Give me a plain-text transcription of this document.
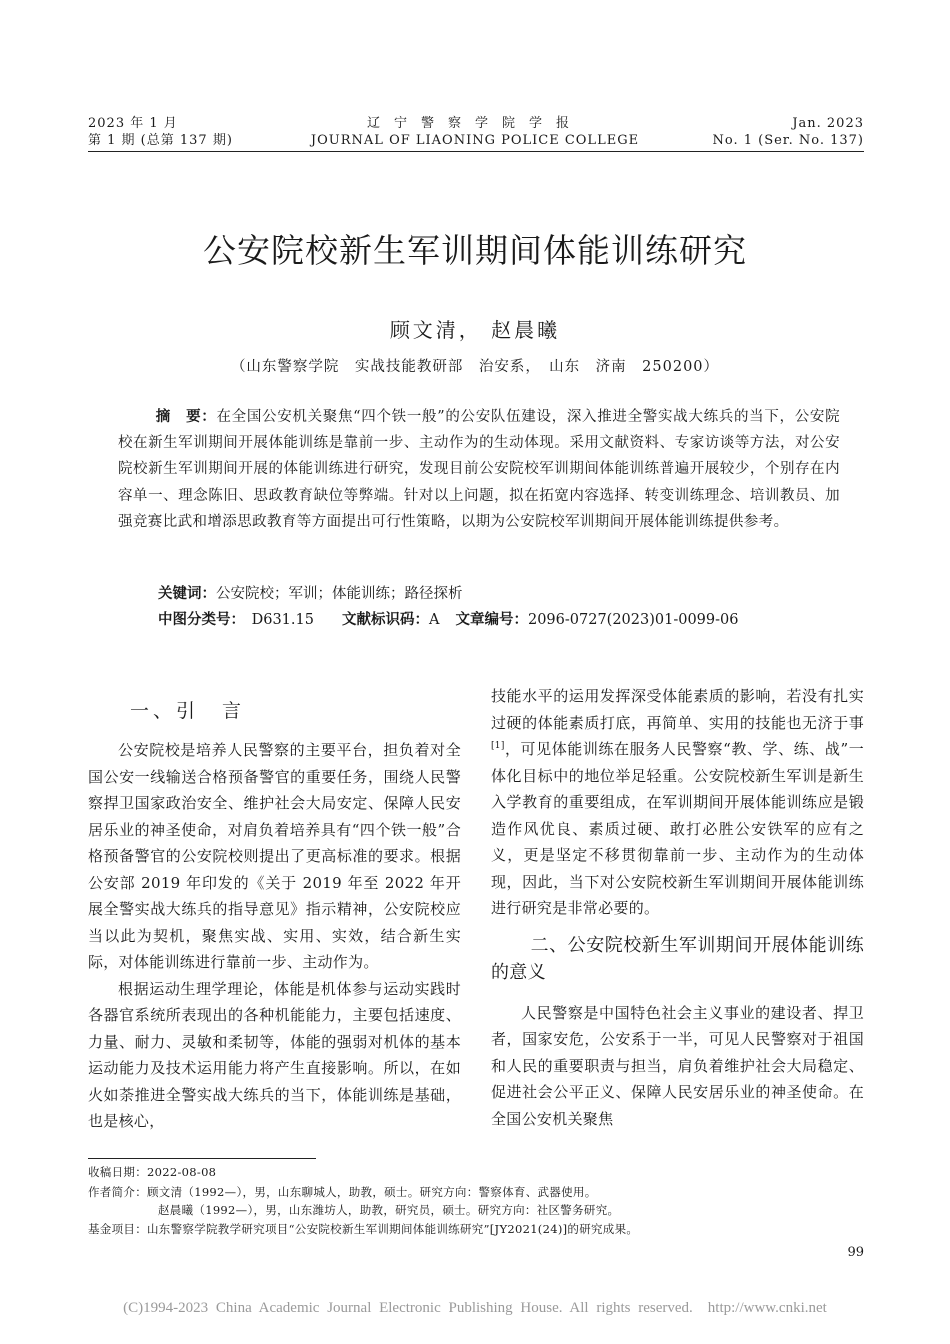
2023 年 1 月
第 1 期 (总第 137 期)
辽宁警察学院学报
JOURNAL OF LIAONING POLICE COLLEGE
Jan. 2023
No. 1 (Ser. No. 137)
公安院校新生军训期间体能训练研究
顾文清， 赵晨曦
（山东警察学院　实战技能教研部　治安系，　山东　济南　250200）
摘　要：在全国公安机关聚焦“四个铁一般”的公安队伍建设，深入推进全警实战大练兵的当下，公安院校在新生军训期间开展体能训练是靠前一步、主动作为的生动体现。采用文献资料、专家访谈等方法，对公安院校新生军训期间开展的体能训练进行研究，发现目前公安院校军训期间体能训练普遍开展较少，个别存在内容单一、理念陈旧、思政教育缺位等弊端。针对以上问题，拟在拓宽内容选择、转变训练理念、培训教员、加强竞赛比武和增添思政教育等方面提出可行性策略，以期为公安院校军训期间开展体能训练提供参考。
关键词：公安院校；军训；体能训练；路径探析
中图分类号： D631.15 文献标识码：A 文章编号：2096-0727(2023)01-0099-06
一、引　言

公安院校是培养人民警察的主要平台，担负着对全国公安一线输送合格预备警官的重要任务，围绕人民警察捍卫国家政治安全、维护社会大局安定、保障人民安居乐业的神圣使命，对肩负着培养具有“四个铁一般”合格预备警官的公安院校则提出了更高标准的要求。根据公安部 2019 年印发的《关于 2019 年至 2022 年开展全警实战大练兵的指导意见》指示精神，公安院校应当以此为契机，聚焦实战、实用、实效，结合新生实际，对体能训练进行靠前一步、主动作为。

根据运动生理学理论，体能是机体参与运动实践时各器官系统所表现出的各种机能能力，主要包括速度、力量、耐力、灵敏和柔韧等，体能的强弱对机体的基本运动能力及技术运用能力将产生直接影响。所以，在如火如荼推进全警实战大练兵的当下，体能训练是基础，也是核心，

技能水平的运用发挥深受体能素质的影响，若没有扎实过硬的体能素质打底，再简单、实用的技能也无济于事[1]，可见体能训练在服务人民警察“教、学、练、战”一体化目标中的地位举足轻重。公安院校新生军训是新生入学教育的重要组成，在军训期间开展体能训练应是锻造作风优良、素质过硬、敢打必胜公安铁军的应有之义，更是坚定不移贯彻靠前一步、主动作为的生动体现，因此，当下对公安院校新生军训期间开展体能训练进行研究是非常必要的。

二、公安院校新生军训期间开展体能训练的意义

人民警察是中国特色社会主义事业的建设者、捍卫者，国家安危，公安系于一半，可见人民警察对于祖国和人民的重要职责与担当，肩负着维护社会大局稳定、促进社会公平正义、保障人民安居乐业的神圣使命。在全国公安机关聚焦

收稿日期：2022-08-08
作者简介：顾文清（1992—），男，山东聊城人，助教，硕士。研究方向：警察体育、武器使用。
赵晨曦（1992—），男，山东潍坊人，助教，研究员，硕士。研究方向：社区警务研究。
基金项目：山东警察学院教学研究项目“公安院校新生军训期间体能训练研究”[JY2021(24)]的研究成果。
99
(C)1994-2023 China Academic Journal Electronic Publishing House. All rights reserved.　http://www.cnki.net
